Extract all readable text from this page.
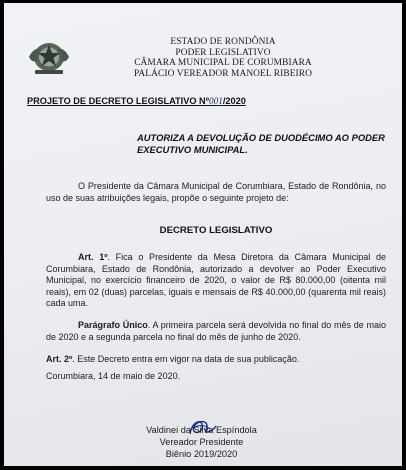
ESTADO DE RONDÔNIA
PODER LEGISLATIVO
CÂMARA MUNICIPAL DE CORUMBIARA
PALÁCIO VEREADOR MANOEL RIBEIRO
PROJETO DE DECRETO LEGISLATIVO Nº001/2020
AUTORIZA A DEVOLUÇÃO DE DUODÉCIMO AO PODER EXECUTIVO MUNICIPAL.
O Presidente da Câmara Municipal de Corumbiara, Estado de Rondônia, no uso de suas atribuições legais, propõe o seguinte projeto de:
DECRETO LEGISLATIVO
Art. 1º. Fica o Presidente da Mesa Diretora da Câmara Municipal de Corumbiara, Estado de Rondônia, autorizado a devolver ao Poder Executivo Municipal, no exercício financeiro de 2020, o valor de R$ 80.000,00 (oitenta mil reais), em 02 (duas) parcelas, iguais e mensais de R$ 40.000,00 (quarenta mil reais) cada uma.
Parágrafo Único. A primeira parcela será devolvida no final do mês de maio de 2020 e a segunda parcela no final do mês de junho de 2020.
Art. 2º. Este Decreto entra em vigor na data de sua publicação.
Corumbiara, 14 de maio de 2020.
Valdinei da Silva Espíndola
Vereador Presidente
Biênio 2019/2020
